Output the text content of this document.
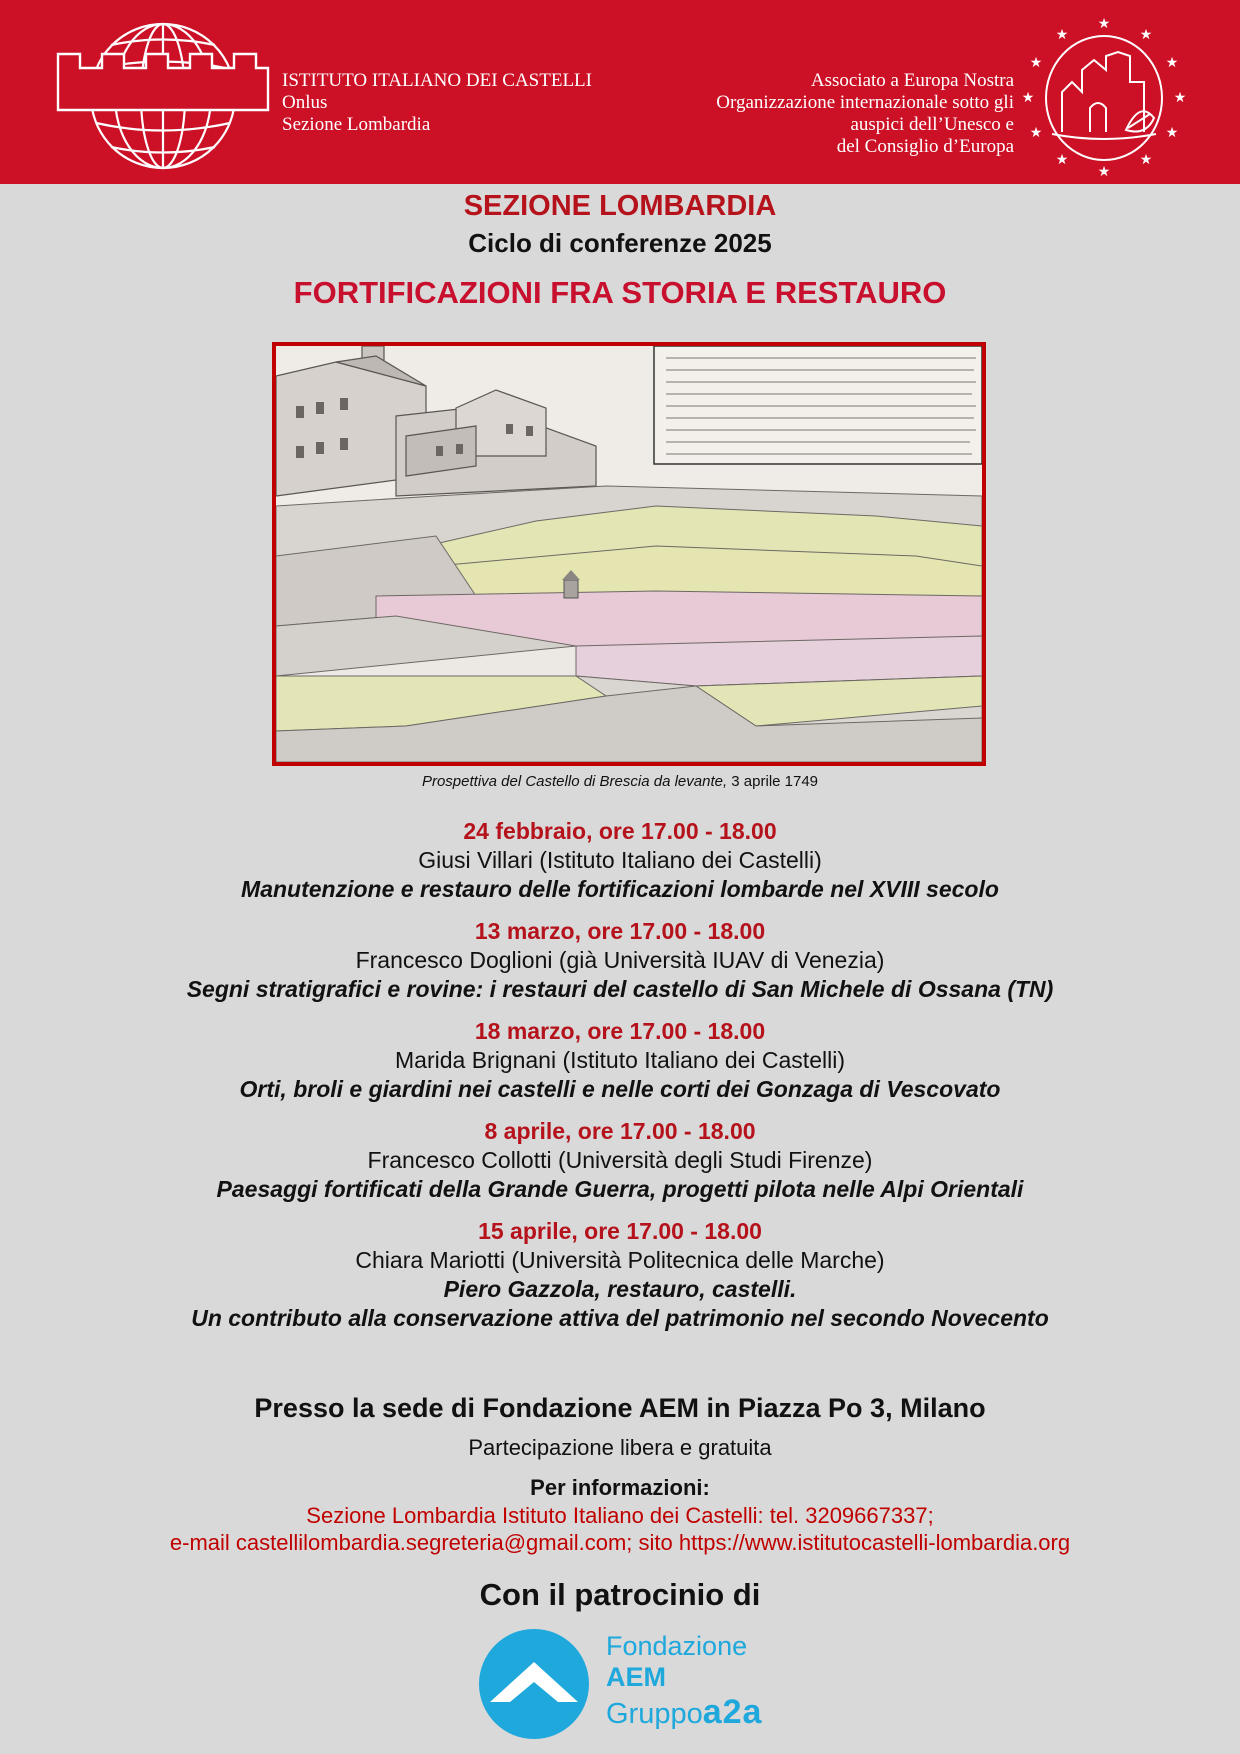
ISTITUTO ITALIANO DEI CASTELLI
Onlus
Sezione Lombardia
Associato a Europa Nostra
Organizzazione internazionale sotto gli
auspici dell’Unesco e
del Consiglio d’Europa
★
★
★
★
★
★
★
★
★
★
★
★
SEZIONE LOMBARDIA
Ciclo di conferenze 2025
FORTIFICAZIONI FRA STORIA E RESTAURO
Prospettiva del Castello di Brescia da levante, 3 aprile 1749
24 febbraio, ore 17.00 - 18.00
Giusi Villari (Istituto Italiano dei Castelli)
Manutenzione e restauro delle fortificazioni lombarde nel XVIII secolo
13 marzo, ore 17.00 - 18.00
Francesco Doglioni (già Università IUAV di Venezia)
Segni stratigrafici e rovine: i restauri del castello di San Michele di Ossana (TN)
18 marzo, ore 17.00 - 18.00
Marida Brignani (Istituto Italiano dei Castelli)
Orti, broli e giardini nei castelli e nelle corti dei Gonzaga di Vescovato
8 aprile, ore 17.00 - 18.00
Francesco Collotti (Università degli Studi Firenze)
Paesaggi fortificati della Grande Guerra, progetti pilota nelle Alpi Orientali
15 aprile, ore 17.00 - 18.00
Chiara Mariotti (Università Politecnica delle Marche)
Piero Gazzola, restauro, castelli.
Un contributo alla conservazione attiva del patrimonio nel secondo Novecento
Presso la sede di Fondazione AEM in Piazza Po 3, Milano
Partecipazione libera e gratuita
Per informazioni:
Sezione Lombardia Istituto Italiano dei Castelli: tel. 3209667337;
e-mail castellilombardia.segreteria@gmail.com; sito https://www.istitutocastelli-lombardia.org
Con il patrocinio di
Fondazione
AEM
Gruppoa2a
